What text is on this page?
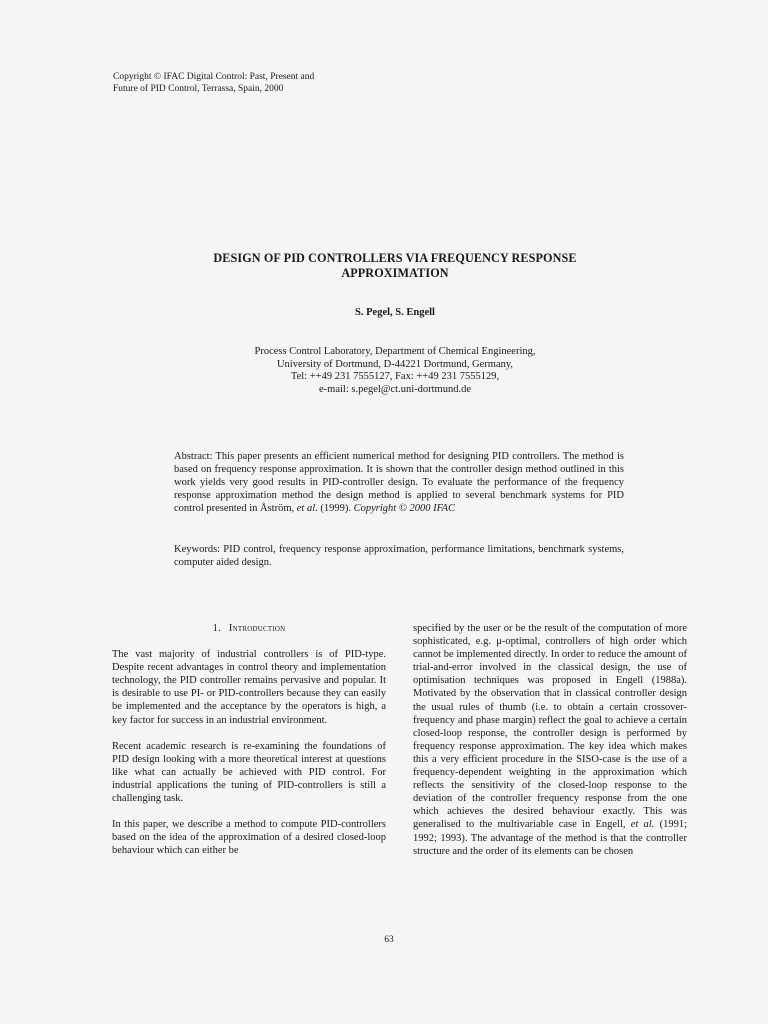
Copyright © IFAC Digital Control: Past, Present and
Future of PID Control, Terrassa, Spain, 2000
DESIGN OF PID CONTROLLERS VIA FREQUENCY RESPONSE
APPROXIMATION
S. Pegel, S. Engell
Process Control Laboratory, Department of Chemical Engineering,
University of Dortmund, D-44221 Dortmund, Germany,
Tel: ++49 231 7555127, Fax: ++49 231 7555129,
e-mail: s.pegel@ct.uni-dortmund.de
Abstract: This paper presents an efficient numerical method for designing PID controllers. The method is based on frequency response approximation. It is shown that the controller design method outlined in this work yields very good results in PID-controller design. To evaluate the performance of the frequency response approximation method the design method is applied to several benchmark systems for PID control presented in Åström, et al. (1999). Copyright © 2000 IFAC
Keywords: PID control, frequency response approximation, performance limitations, benchmark systems, computer aided design.
1. Introduction

The vast majority of industrial controllers is of PID-type. Despite recent advantages in control theory and implementation technology, the PID controller remains pervasive and popular. It is desirable to use PI- or PID-controllers because they can easily be implemented and the acceptance by the operators is high, a key factor for success in an industrial environment.

Recent academic research is re-examining the foundations of PID design looking with a more theoretical interest at questions like what can actually be achieved with PID control. For industrial applications the tuning of PID-controllers is still a challenging task.

In this paper, we describe a method to compute PID-controllers based on the idea of the approximation of a desired closed-loop behaviour which can either be

specified by the user or be the result of the computation of more sophisticated, e.g. μ-optimal, controllers of high order which cannot be implemented directly. In order to reduce the amount of trial-and-error involved in the classical design, the use of optimisation techniques was proposed in Engell (1988a). Motivated by the observation that in classical controller design the usual rules of thumb (i.e. to obtain a certain crossover-frequency and phase margin) reflect the goal to achieve a certain closed-loop response, the controller design is performed by frequency response approximation. The key idea which makes this a very efficient procedure in the SISO-case is the use of a frequency-dependent weighting in the approximation which reflects the sensitivity of the closed-loop response to the deviation of the controller frequency response from the one which achieves the desired behaviour exactly. This was generalised to the multivariable case in Engell, et al. (1991; 1992; 1993). The advantage of the method is that the controller structure and the order of its elements can be chosen

63
